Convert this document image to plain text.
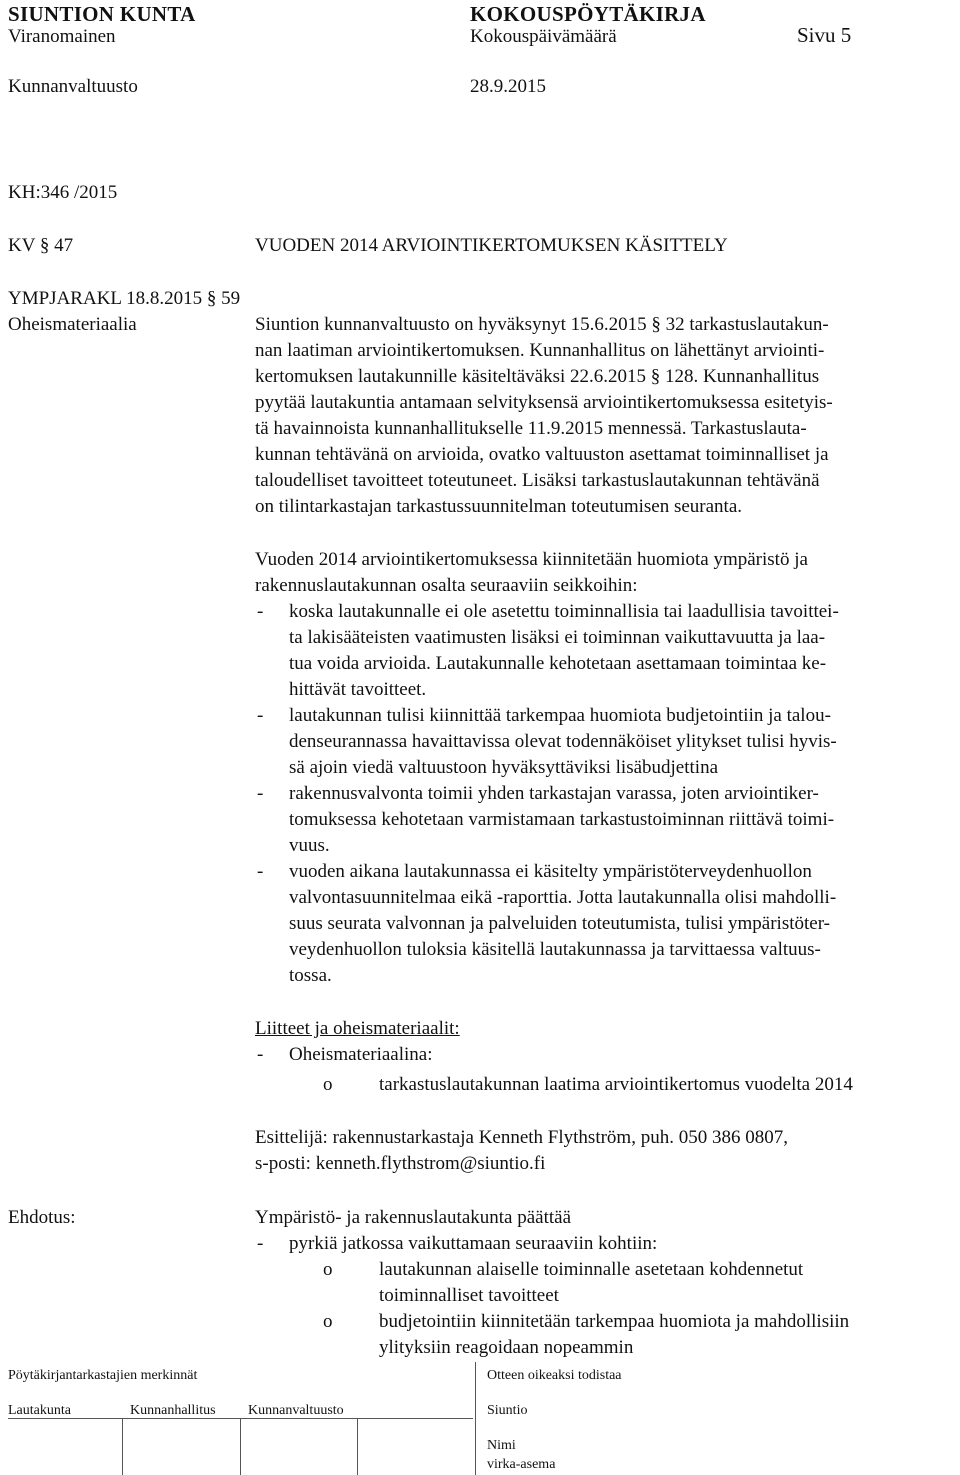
SIUNTION KUNTA	KOKOUSPÖYTÄKIRJA
Viranomainen	Kokouspäivämäärä	Sivu 5
Kunnanvaltuusto	28.9.2015
KH:346 /2015
KV § 47	VUODEN 2014 ARVIOINTIKERTOMUKSEN KÄSITTELY
YMPJARAKL 18.8.2015 § 59
Oheismateriaalia	Siuntion kunnanvaltuusto on hyväksynyt 15.6.2015 § 32 tarkastuslautakun-
nan laatiman arviointikertomuksen. Kunnanhallitus on lähettänyt arviointi-
kertomuksen lautakunnille käsiteltäväksi 22.6.2015 § 128. Kunnanhallitus
pyytää lautakuntia antamaan selvityksensä arviointikertomuksessa esitetyis-
tä havainnoista kunnanhallitukselle 11.9.2015 mennessä. Tarkastuslauta-
kunnan tehtävänä on arvioida, ovatko valtuuston asettamat toiminnalliset ja
taloudelliset tavoitteet toteutuneet. Lisäksi tarkastuslautakunnan tehtävänä
on tilintarkastajan tarkastussuunnitelman toteutumisen seuranta.
Vuoden 2014 arviointikertomuksessa kiinnitetään huomiota ympäristö ja
rakennuslautakunnan osalta seuraaviin seikkoihin:
- koska lautakunnalle ei ole asetettu toiminnallisia tai laadullisia tavoittei-
ta lakisääteisten vaatimusten lisäksi ei toiminnan vaikuttavuutta ja laa-
tua voida arvioida. Lautakunnalle kehotetaan asettamaan toimintaa ke-
hittävät tavoitteet.
- lautakunnan tulisi kiinnittää tarkempaa huomiota budjetointiin ja talou-
denseurannassa havaittavissa olevat todennäköiset ylitykset tulisi hyvis-
sä ajoin viedä valtuustoon hyväksyttäviksi lisäbudjettina
- rakennusvalvonta toimii yhden tarkastajan varassa, joten arviointiker-
tomuksessa kehotetaan varmistamaan tarkastustoiminnan riittävä toimi-
vuus.
- vuoden aikana lautakunnassa ei käsitelty ympäristöterveydenhuollon
valvontasuunnitelmaa eikä -raporttia. Jotta lautakunnalla olisi mahdolli-
suus seurata valvonnan ja palveluiden toteutumista, tulisi ympäristöter-
veydenhuollon tuloksia käsitellä lautakunnassa ja tarvittaessa valtuus-
tossa.
Liitteet ja oheismateriaalit:
- Oheismateriaalina:
o tarkastuslautakunnan laatima arviointikertomus vuodelta 2014
Esittelijä: rakennustarkastaja Kenneth Flythström, puh. 050 386 0807,
s-posti: kenneth.flythstrom@siuntio.fi
Ehdotus:	Ympäristö- ja rakennuslautakunta päättää
- pyrkiä jatkossa vaikuttamaan seuraaviin kohtiin:
o lautakunnan alaiselle toiminnalle asetetaan kohdennetut
toiminnalliset tavoitteet
o budjetointiin kiinnitetään tarkempaa huomiota ja mahdollisiin
ylityksiin reagoidaan nopeammin
Pöytäkirjantarkastajien merkinnät	Otteen oikeaksi todistaa
Lautakunta	Kunnanhallitus Kunnanvaltuusto	Siuntio
Nimi
virka-asema
